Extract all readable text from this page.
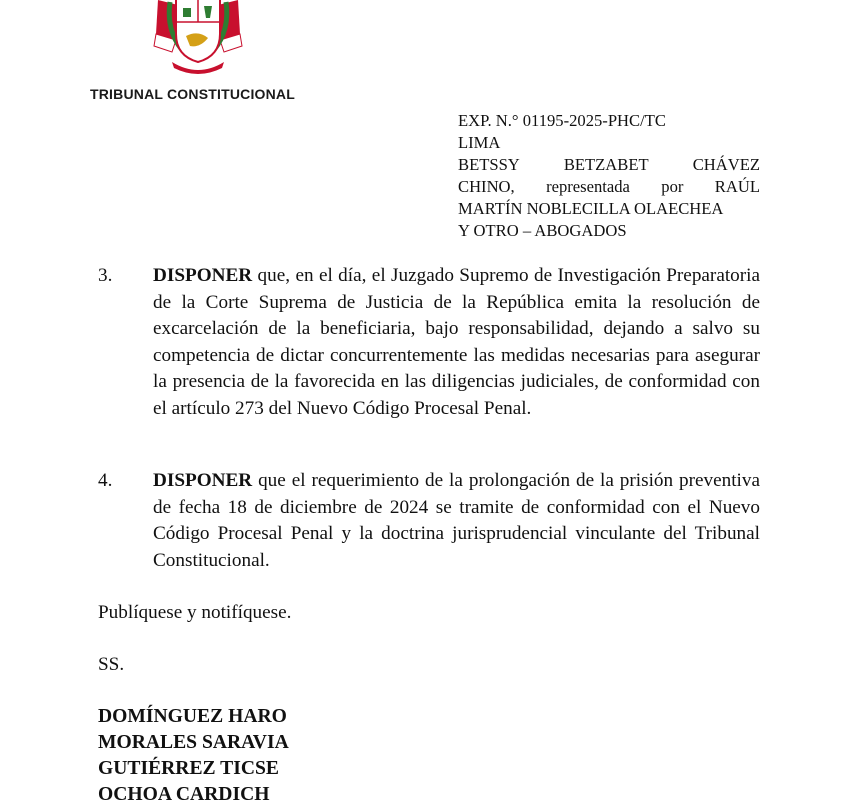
TRIBUNAL CONSTITUCIONAL
EXP. N.° 01195-2025-PHC/TC
LIMA
BETSSY	BETZABET	CHÁVEZ
CHINO, representada por RAÚL
MARTÍN NOBLECILLA OLAECHEA
Y OTRO – ABOGADOS
3. DISPONER que, en el día, el Juzgado Supremo de Investigación Preparatoria de la Corte Suprema de Justicia de la República emita la resolución de excarcelación de la beneficiaria, bajo responsabilidad, dejando a salvo su competencia de dictar concurrentemente las medidas necesarias para asegurar la presencia de la favorecida en las diligencias judiciales, de conformidad con el artículo 273 del Nuevo Código Procesal Penal.
4. DISPONER que el requerimiento de la prolongación de la prisión preventiva de fecha 18 de diciembre de 2024 se tramite de conformidad con el Nuevo Código Procesal Penal y la doctrina jurisprudencial vinculante del Tribunal Constitucional.
Publíquese y notifíquese.
SS.
DOMÍNGUEZ HARO
MORALES SARAVIA
GUTIÉRREZ TICSE
OCHOA CARDICH
